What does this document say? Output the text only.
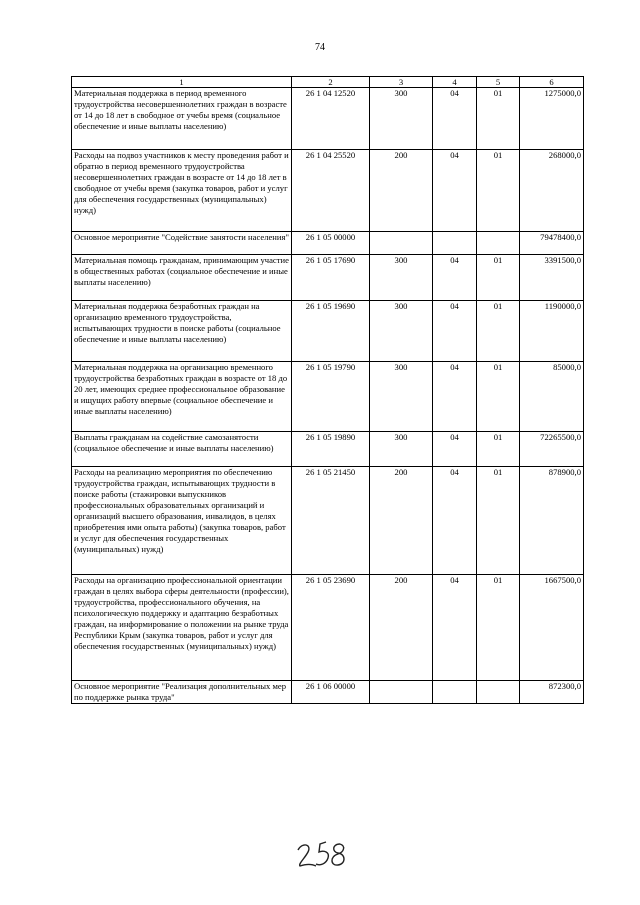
74
1	2	3	4	5	6
Материальная поддержка в период временного трудоустройства несовершеннолетних граждан в возрасте от 14 до 18 лет в свободное от учебы время (социальное обеспечение и иные выплаты населению)	26 1 04 12520	300	04	01	1275000,0
Расходы на подвоз участников к месту проведения работ и обратно в период временного трудоустройства несовершеннолетних граждан в возрасте от 14 до 18 лет в свободное от учебы время (закупка товаров, работ и услуг для обеспечения государственных (муниципальных) нужд)	26 1 04 25520	200	04	01	268000,0
Основное мероприятие "Содействие занятости населения"	26 1 05 00000				79478400,0
Материальная помощь гражданам, принимающим участие в общественных работах (социальное обеспечение и иные выплаты населению)	26 1 05 17690	300	04	01	3391500,0
Материальная поддержка безработных граждан на организацию временного трудоустройства, испытывающих трудности в поиске работы (социальное обеспечение и иные выплаты населению)	26 1 05 19690	300	04	01	1190000,0
Материальная поддержка на организацию временного трудоустройства безработных граждан в возрасте от 18 до 20 лет, имеющих среднее профессиональное образование и ищущих работу впервые (социальное обеспечение и иные выплаты населению)	26 1 05 19790	300	04	01	85000,0
Выплаты гражданам на содействие самозанятости (социальное обеспечение и иные выплаты населению)	26 1 05 19890	300	04	01	72265500,0
Расходы на реализацию мероприятия по обеспечению трудоустройства граждан, испытывающих трудности в поиске работы (стажировки выпускников профессиональных образовательных организаций и организаций высшего образования, инвалидов, в целях приобретения ими опыта работы) (закупка товаров, работ и услуг для обеспечения государственных (муниципальных) нужд)	26 1 05 21450	200	04	01	878900,0
Расходы на организацию профессиональной ориентации граждан в целях выбора сферы деятельности (профессии), трудоустройства, профессионального обучения, на психологическую поддержку и адаптацию безработных граждан, на информирование о положении на рынке труда Республики Крым (закупка товаров, работ и услуг для обеспечения государственных (муниципальных) нужд)	26 1 05 23690	200	04	01	1667500,0
Основное мероприятие "Реализация дополнительных мер по поддержке рынка труда"	26 1 06 00000				872300,0
